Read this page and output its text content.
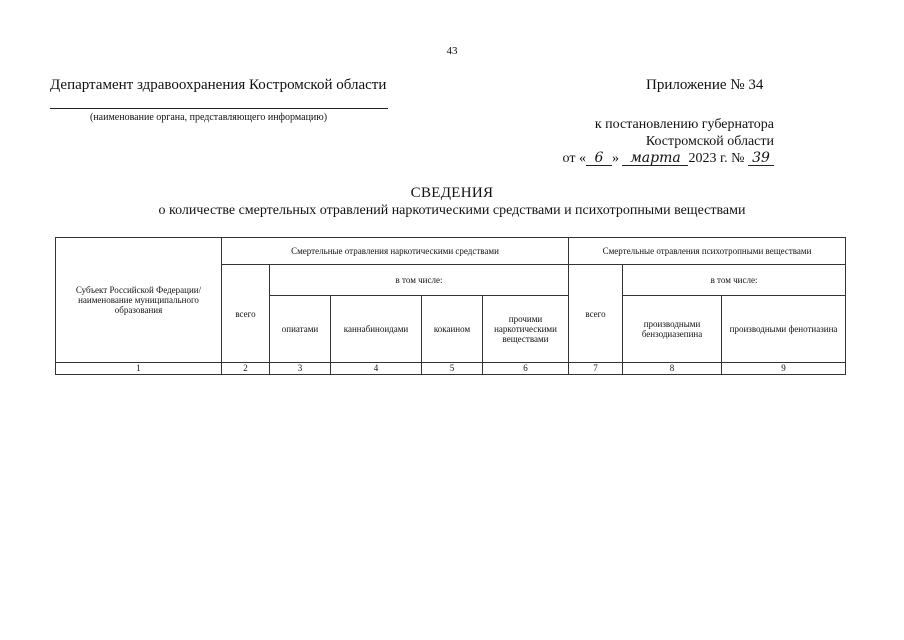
43
Департамент здравоохранения Костромской области
(наименование органа, представляющего информацию)
Приложение № 34
к постановлению губернатора
Костромской области
от « 6 » марта 2023 г. № 39
СВЕДЕНИЯ
о количестве смертельных отравлений наркотическими средствами и психотропными веществами
Субъект Российской Федерации/ наименование муниципального образования	Смертельные отравления наркотическими средствами					Смертельные отравления психотропными веществами		
	всего	в том числе:				всего	в том числе:	
		опиатами	каннабиноидами	кокаином	прочими наркотическими веществами		производными бензодиазепина	производными фенотиазина
1	2	3	4	5	6	7	8	9
